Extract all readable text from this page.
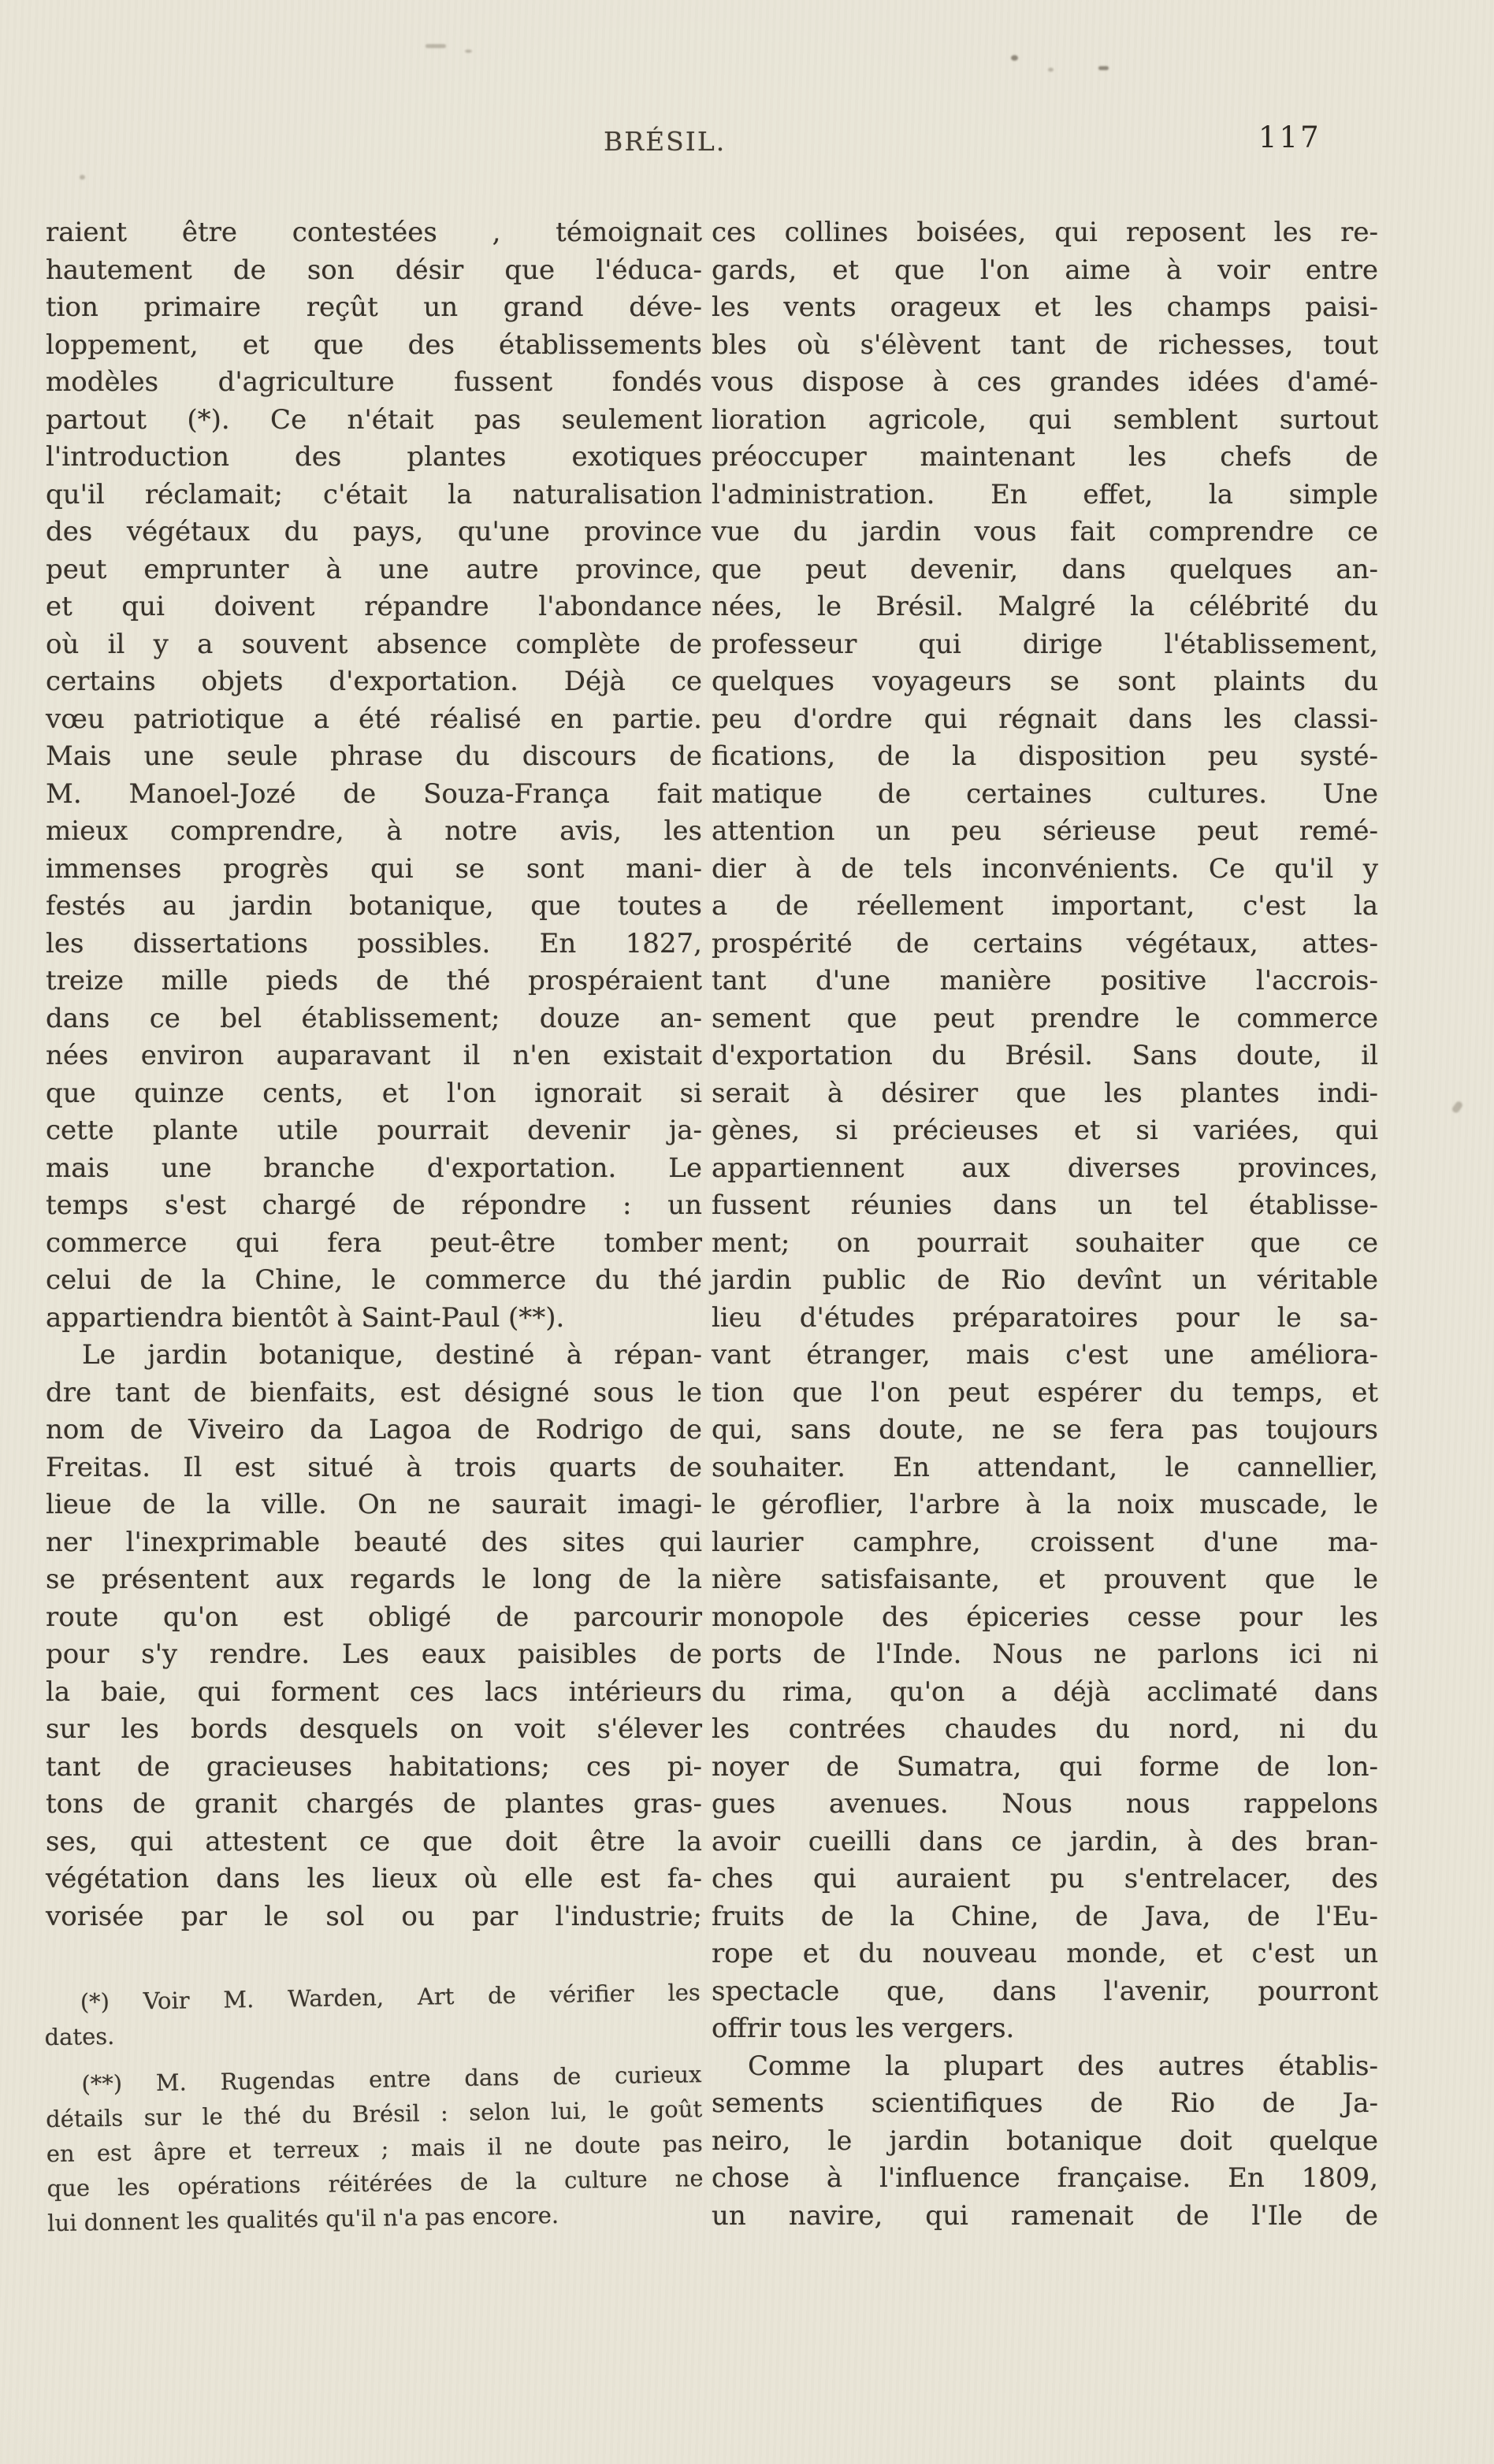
BRÉSIL.	117
raient être contestées , témoignait
hautement de son désir que l'éduca-
tion primaire reçût un grand déve-
loppement, et que des établissements
modèles d'agriculture fussent fondés
partout (*). Ce n'était pas seulement
l'introduction des plantes exotiques
qu'il réclamait; c'était la naturalisation
des végétaux du pays, qu'une province
peut emprunter à une autre province,
et qui doivent répandre l'abondance
où il y a souvent absence complète de
certains objets d'exportation. Déjà ce
vœu patriotique a été réalisé en partie.
Mais une seule phrase du discours de
M. Manoel-Jozé de Souza-França fait
mieux comprendre, à notre avis, les
immenses progrès qui se sont mani-
festés au jardin botanique, que toutes
les dissertations possibles. En 1827,
treize mille pieds de thé prospéraient
dans ce bel établissement; douze an-
nées environ auparavant il n'en existait
que quinze cents, et l'on ignorait si
cette plante utile pourrait devenir ja-
mais une branche d'exportation. Le
temps s'est chargé de répondre : un
commerce qui fera peut-être tomber
celui de la Chine, le commerce du thé
appartiendra bientôt à Saint-Paul (**).
Le jardin botanique, destiné à répan-
dre tant de bienfaits, est désigné sous le
nom de Viveiro da Lagoa de Rodrigo de
Freitas. Il est situé à trois quarts de
lieue de la ville. On ne saurait imagi-
ner l'inexprimable beauté des sites qui
se présentent aux regards le long de la
route qu'on est obligé de parcourir
pour s'y rendre. Les eaux paisibles de
la baie, qui forment ces lacs intérieurs
sur les bords desquels on voit s'élever
tant de gracieuses habitations; ces pi-
tons de granit chargés de plantes gras-
ses, qui attestent ce que doit être la
végétation dans les lieux où elle est fa-
vorisée par le sol ou par l'industrie;
(*) Voir M. Warden, Art de vérifier les
dates.
(**) M. Rugendas entre dans de curieux
détails sur le thé du Brésil : selon lui, le goût
en est âpre et terreux ; mais il ne doute pas
que les opérations réitérées de la culture ne
lui donnent les qualités qu'il n'a pas encore.
ces collines boisées, qui reposent les re-
gards, et que l'on aime à voir entre
les vents orageux et les champs paisi-
bles où s'élèvent tant de richesses, tout
vous dispose à ces grandes idées d'amé-
lioration agricole, qui semblent surtout
préoccuper maintenant les chefs de
l'administration. En effet, la simple
vue du jardin vous fait comprendre ce
que peut devenir, dans quelques an-
nées, le Brésil. Malgré la célébrité du
professeur qui dirige l'établissement,
quelques voyageurs se sont plaints du
peu d'ordre qui régnait dans les classi-
fications, de la disposition peu systé-
matique de certaines cultures. Une
attention un peu sérieuse peut remé-
dier à de tels inconvénients. Ce qu'il y
a de réellement important, c'est la
prospérité de certains végétaux, attes-
tant d'une manière positive l'accrois-
sement que peut prendre le commerce
d'exportation du Brésil. Sans doute, il
serait à désirer que les plantes indi-
gènes, si précieuses et si variées, qui
appartiennent aux diverses provinces,
fussent réunies dans un tel établisse-
ment; on pourrait souhaiter que ce
jardin public de Rio devînt un véritable
lieu d'études préparatoires pour le sa-
vant étranger, mais c'est une améliora-
tion que l'on peut espérer du temps, et
qui, sans doute, ne se fera pas toujours
souhaiter. En attendant, le cannellier,
le géroflier, l'arbre à la noix muscade, le
laurier camphre, croissent d'une ma-
nière satisfaisante, et prouvent que le
monopole des épiceries cesse pour les
ports de l'Inde. Nous ne parlons ici ni
du rima, qu'on a déjà acclimaté dans
les contrées chaudes du nord, ni du
noyer de Sumatra, qui forme de lon-
gues avenues. Nous nous rappelons
avoir cueilli dans ce jardin, à des bran-
ches qui auraient pu s'entrelacer, des
fruits de la Chine, de Java, de l'Eu-
rope et du nouveau monde, et c'est un
spectacle que, dans l'avenir, pourront
offrir tous les vergers.
Comme la plupart des autres établis-
sements scientifiques de Rio de Ja-
neiro, le jardin botanique doit quelque
chose à l'influence française. En 1809,
un navire, qui ramenait de l'Ile de
